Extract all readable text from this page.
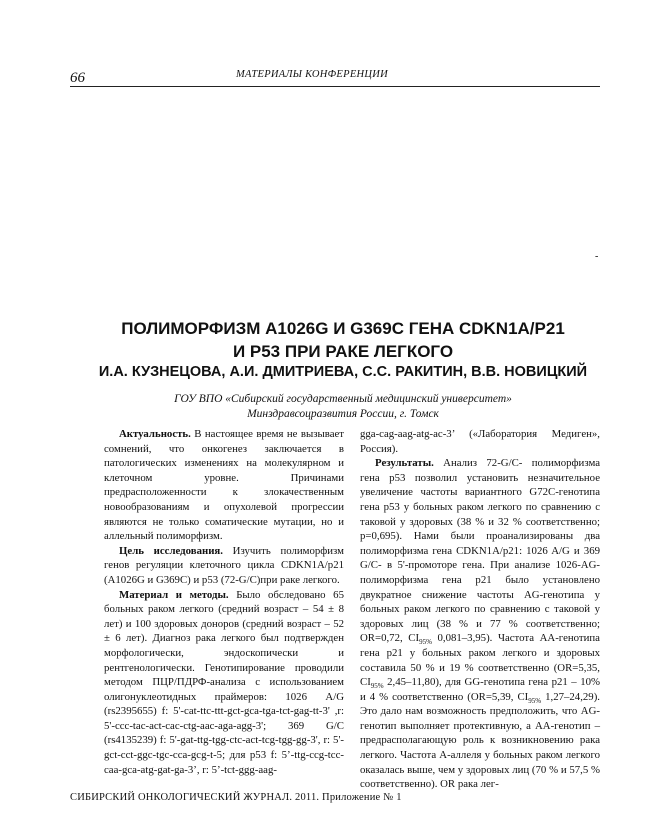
66	МАТЕРИАЛЫ КОНФЕРЕНЦИИ
-
ПОЛИМОРФИЗМ A1026G И G369C ГЕНА CDKN1A/P21
И P53 ПРИ РАКЕ ЛЕГКОГО
И.А. КУЗНЕЦОВА, А.И. ДМИТРИЕВА, С.С. РАКИТИН, В.В. НОВИЦКИЙ
ГОУ ВПО «Сибирский государственный медицинский университет»
Минздравсоцразвития России, г. Томск

Актуальность. В настоящее время не вызывает сомнений, что онкогенез заключается в патологических изменениях на молекулярном и клеточном уровне. Причинами предрасположенности к злокачественным новообразованиям и опухолевой прогрессии являются не только соматические мутации, но и аллельный полиморфизм.

Цель исследования. Изучить полиморфизм генов регуляции клеточного цикла CDKN1A/p21 (A1026G и G369C) и p53 (72-G/C)при раке легкого.

Материал и методы. Было обследовано 65 больных раком легкого (средний возраст – 54 ± 8 лет) и 100 здоровых доноров (средний возраст – 52 ± 6 лет). Диагноз рака легкого был подтвержден морфологически, эндоскопически и рентгенологически. Генотипирование проводили методом ПЦР/ПДРФ-анализа с использованием олигонуклеотидных праймеров: 1026 A/G (rs2395655) f: 5'-cat-ttc-ttt-gct-gca-tga-tct-gag-tt-3' ,r: 5'-ccc-tac-act-cac-ctg-aac-aga-agg-3'; 369 G/C (rs4135239) f: 5'-gat-ttg-tgg-ctc-act-tcg-tgg-gg-3', r: 5'-gct-cct-ggc-tgc-cca-gcg-t-5; для p53 f: 5’-ttg-ccg-tcc-caa-gca-atg-gat-ga-3’, r: 5’-tct-ggg-aag-

gga-cag-aag-atg-ac-3’ («Лаборатория Медиген», Россия).

Результаты. Анализ 72-G/C- полиморфизма гена p53 позволил установить незначительное увеличение частоты вариантного G72C-генотипа гена p53 у больных раком легкого по сравнению с таковой у здоровых (38 % и 32 % соответственно; p=0,695). Нами были проанализированы два полиморфизма гена CDKN1A/p21: 1026 A/G и 369 G/C- в 5'-промоторе гена. При анализе 1026-AG-полиморфизма гена p21 было установлено двукратное снижение частоты AG-генотипа у больных раком легкого по сравнению с таковой у здоровых лиц (38 % и 77 % соответственно; OR=0,72, $CI_{95\%}$ 0,081–3,95). Частота AA-генотипа гена p21 у больных раком легкого и здоровых составила 50 % и 19 % соответственно (OR=5,35, $CI_{95\%}$ 2,45–11,80), для GG-генотипа гена p21 – 10% и 4 % соответственно (OR=5,39, $CI_{95\%}$ 1,27–24,29). Это дало нам возможность предположить, что AG-генотип выполняет протективную, а AA-генотип – предрасполагающую роль к возникновению рака легкого. Частота A-аллеля у больных раком легкого оказалась выше, чем у здоровых лиц (70 % и 57,5 % соответственно). OR рака лег-

СИБИРСКИЙ ОНКОЛОГИЧЕСКИЙ ЖУРНАЛ. 2011. Приложение № 1
